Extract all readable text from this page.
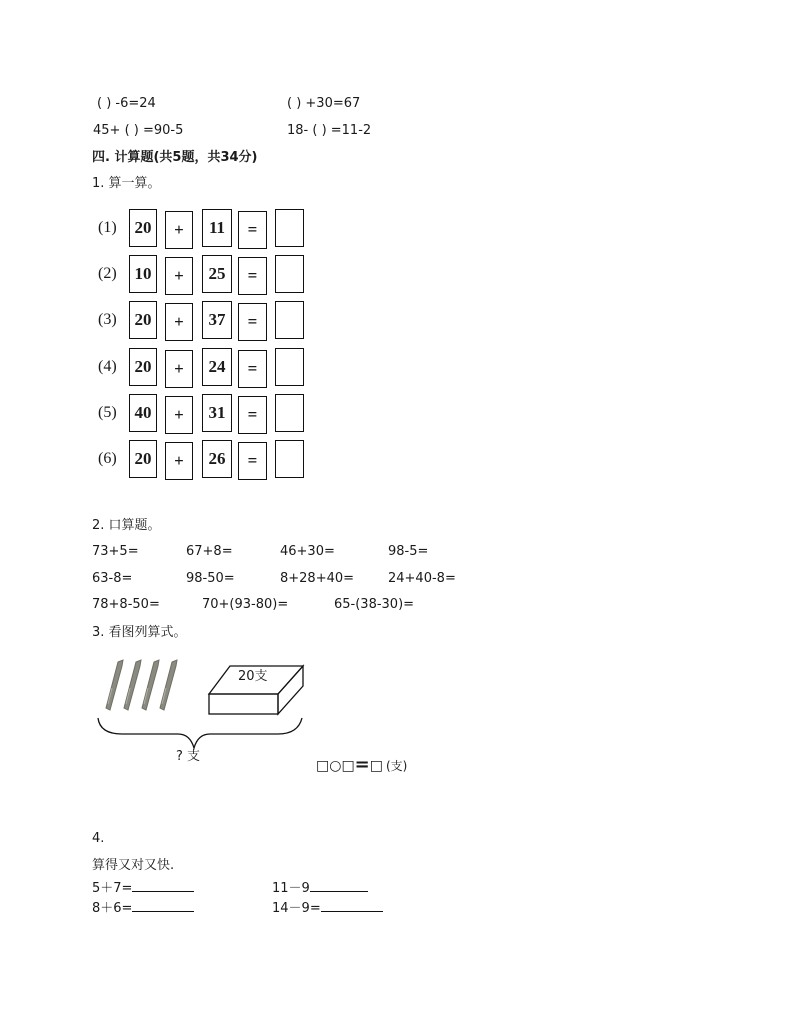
( ) -6=24	( ) +30=67
45+ ( ) =90-5	18- ( ) =11-2
四. 计算题(共5题，共34分)
1. 算一算。
(1)	20	+	11	=
(2)	10	+	25	=
(3)	20	+	37	=
(4)	20	+	24	=
(5)	40	+	31	=
(6)	20	+	26	=
2. 口算题。
73+5=	67+8=	46+30=	98-5=
63-8=	98-50=	8+28+40=	24+40-8=
78+8-50=	70+(93-80)=	65-(38-30)=
3. 看图列算式。
20支
? 支
□○□=□ (支)
4.
算得又对又快.
5＋7=	11－9
8＋6=	14－9=
